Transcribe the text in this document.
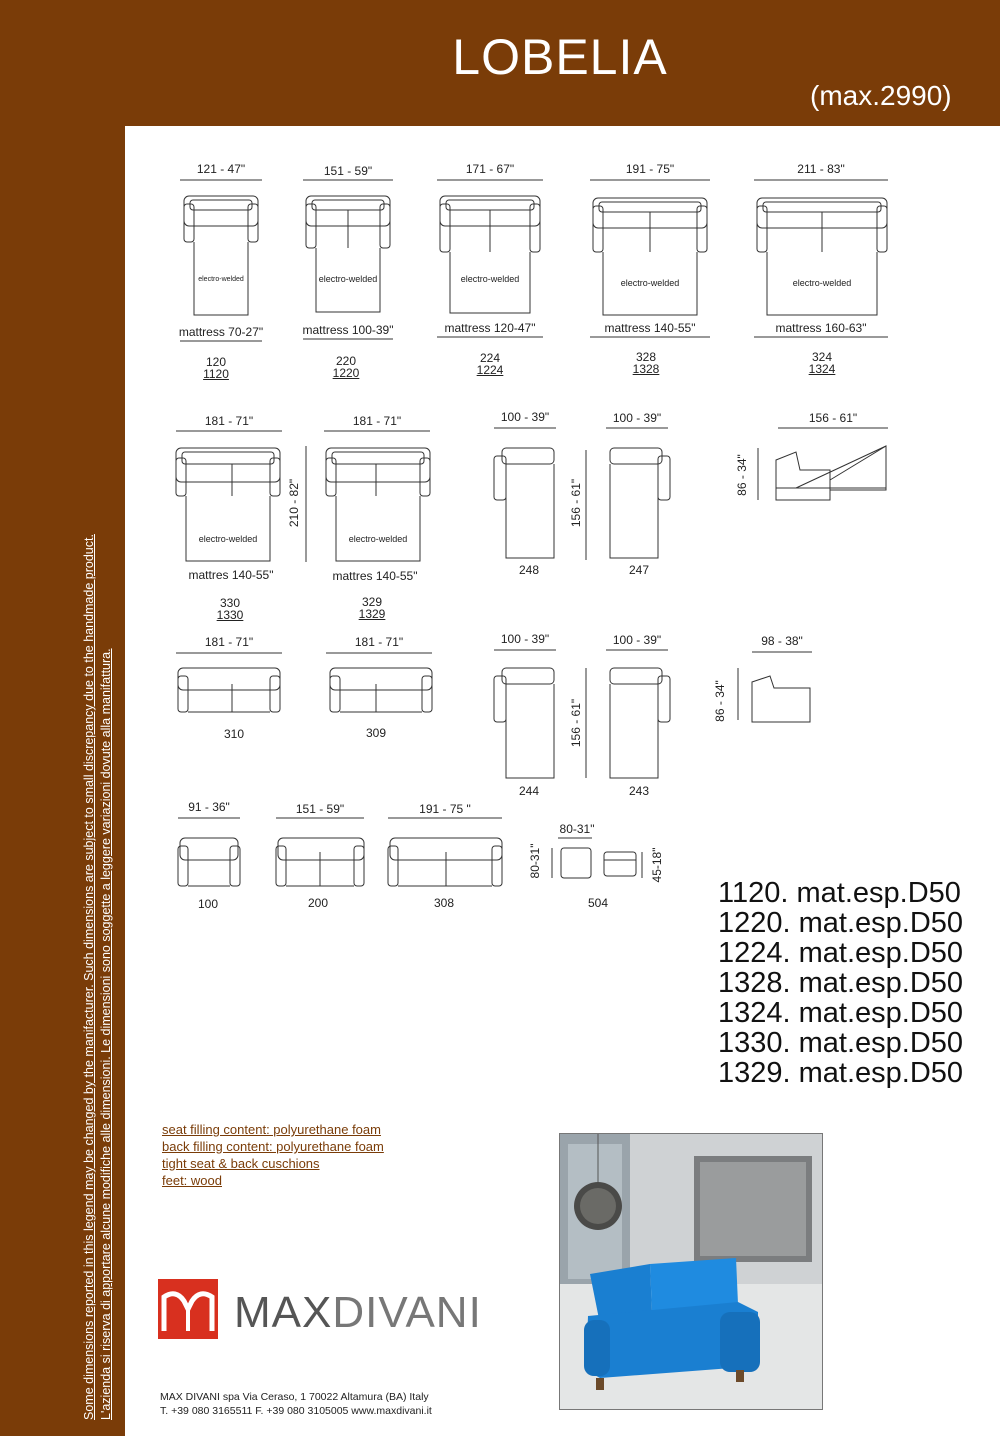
LOBELIA
(max.2990)
Some dimensions reported in this legend may be changed by the manifacturer. Such dimensions are subject to small discrepancy due to the handmade product. L'azienda si riserva di apportare alcune modifiche alle dimensioni. Le dimensioni sono soggette a leggere variazioni dovute alla manifattura.
121 - 47"	151 - 59"	171 - 67"	191 - 75"	211 - 83"
electro-welded	electro-welded	electro-welded	electro-welded	electro-welded
mattress 70-27"	mattress 100-39"	mattress 120-47"	mattress 140-55"	mattress 160-63"
120
1120
220
1220
224
1224
328
1328
324
1324
181 - 71"	181 - 71"
210 - 82"
electro-welded	electro-welded
mattres 140-55"	mattres 140-55"
330
1330
329
1329
100 - 39"	100 - 39"
156 - 61"
248	247
156 - 61"
86 - 34"
181 - 71"	181 - 71"
310	309
100 - 39"	100 - 39"
156 - 61"
244	243
98 - 38"
86 - 34"
91 - 36"	151 - 59"	191 - 75 "
80-31"
80-31"	45-18"
100	200	308	504	1120. mat.esp.D50
1220. mat.esp.D50
1224. mat.esp.D50
1328. mat.esp.D50
1324. mat.esp.D50
1330. mat.esp.D50
1329. mat.esp.D50
seat filling content: polyurethane foam
back filling content: polyurethane foam
tight seat & back cuschions
feet: wood
MAXDIVANI
MAX DIVANI spa Via Ceraso, 1 70022 Altamura (BA) Italy
T. +39 080 3165511 F. +39 080 3105005 www.maxdivani.it
